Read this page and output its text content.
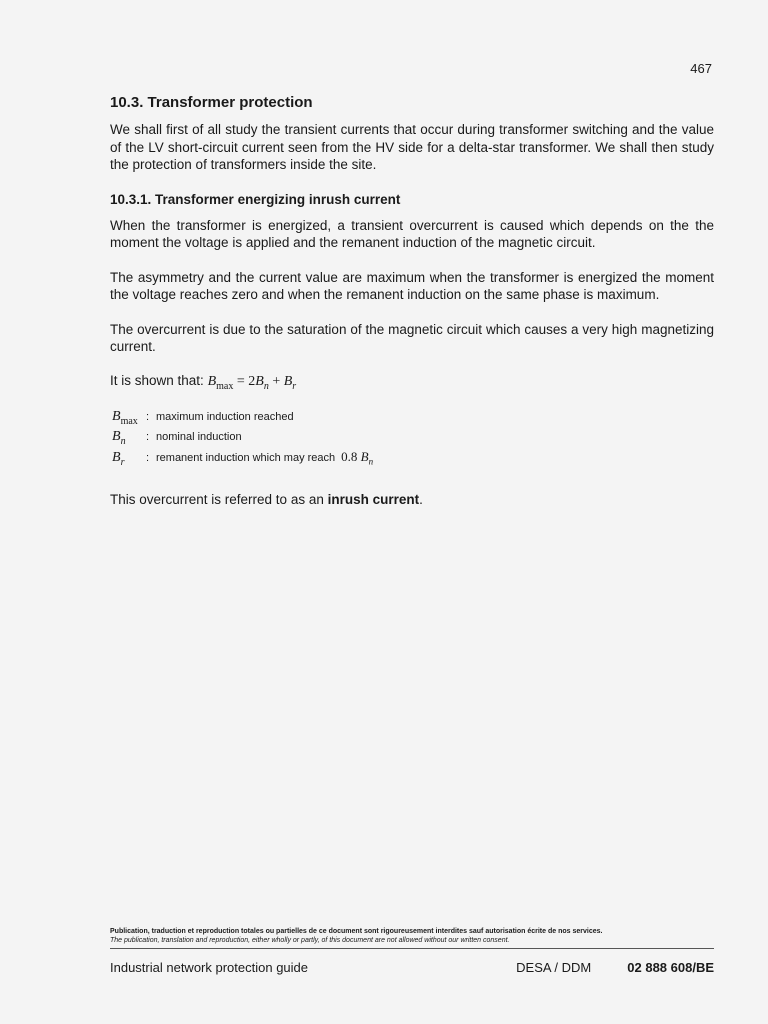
467
10.3. Transformer protection

We shall first of all study the transient currents that occur during transformer switching and the value of the LV short-circuit current seen from the HV side for a delta-star transformer. We shall then study the protection of transformers inside the site.

10.3.1. Transformer energizing inrush current

When the transformer is energized, a transient overcurrent is caused which depends on the the moment the voltage is applied and the remanent induction of the magnetic circuit.

The asymmetry and the current value are maximum when the transformer is energized the moment the voltage reaches zero and when the remanent induction on the same phase is maximum.

The overcurrent is due to the saturation of the magnetic circuit which causes a very high magnetizing current.

It is shown that: $B_{max} = 2B_n + B_r$
$B_{max}$ : maximum induction reached
$B_n$	: nominal induction
$B_r$	: remanent induction which may reach 0.8 $B_n$

This overcurrent is referred to as an inrush current.

Publication, traduction et reproduction totales ou partielles de ce document sont rigoureusement interdites sauf autorisation écrite de nos services.
The publication, translation and reproduction, either wholly or partly, of this document are not allowed without our written consent.
Industrial network protection guide	DESA / DDM	02 888 608/BE
